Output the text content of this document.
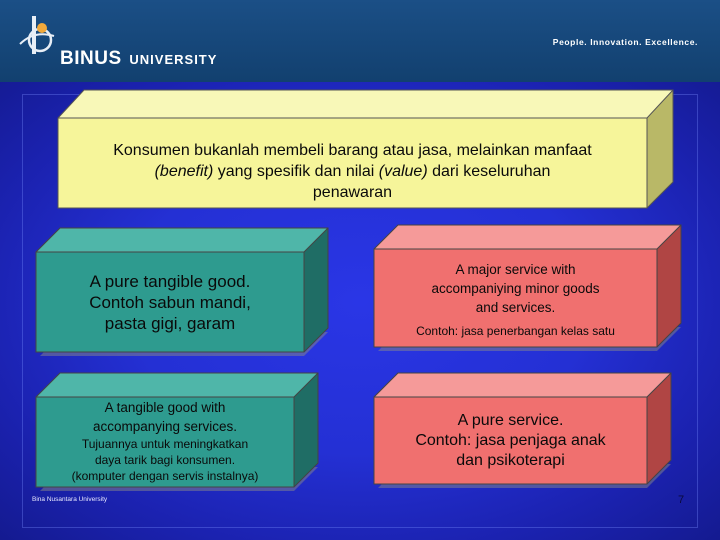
BINUS UNIVERSITY
People. Innovation. Excellence.
Konsumen bukanlah membeli barang atau jasa, melainkan manfaat
(benefit) yang spesifik dan nilai (value) dari keseluruhan
penawaran
A pure tangible good.
Contoh sabun mandi,
pasta gigi, garam
A major service with
accompaniying minor goods
and services.
Contoh: jasa penerbangan kelas satu
A tangible good with
accompanying services.
Tujuannya untuk meningkatkan
daya tarik bagi konsumen.
(komputer dengan servis instalnya)
A pure service.
Contoh: jasa penjaga anak
dan psikoterapi
Bina Nusantara University	7
